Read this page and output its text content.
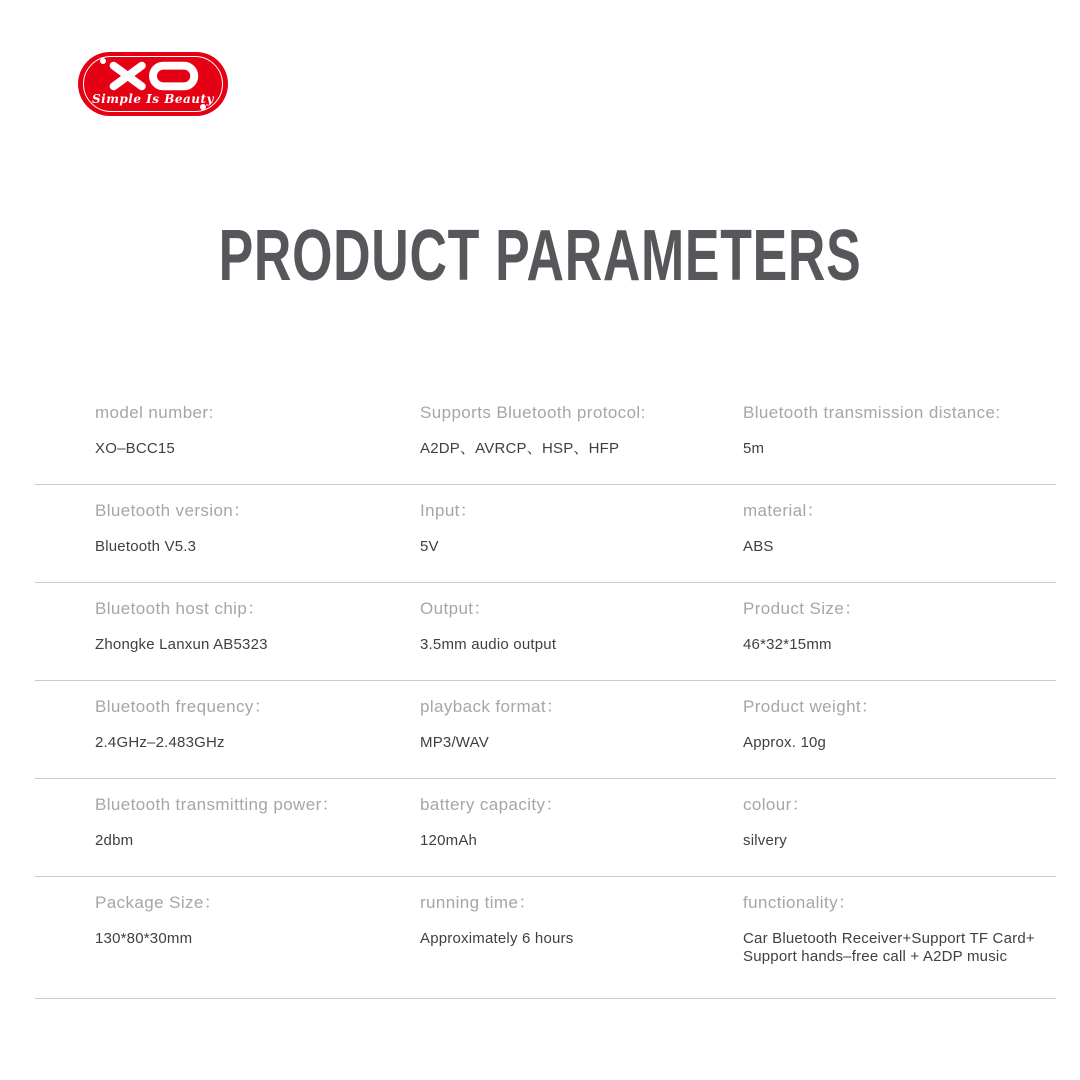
Simple Is Beauty
PRODUCT PARAMETERS
model number:
XO–BCC15
Supports Bluetooth protocol:
A2DP、AVRCP、HSP、HFP
Bluetooth transmission distance:
5m
Bluetooth version：
Bluetooth V5.3
Input：
5V
material：
ABS
Bluetooth host chip：
Zhongke Lanxun AB5323
Output：
3.5mm audio output
Product Size：
46*32*15mm
Bluetooth frequency：
2.4GHz–2.483GHz
playback format：
MP3/WAV
Product weight：
Approx. 10g
Bluetooth transmitting power：
2dbm
battery capacity：
120mAh
colour：
silvery
Package Size：
130*80*30mm
running time：
Approximately 6 hours
functionality：
Car Bluetooth Receiver+Support TF Card+ Support hands–free call + A2DP music
